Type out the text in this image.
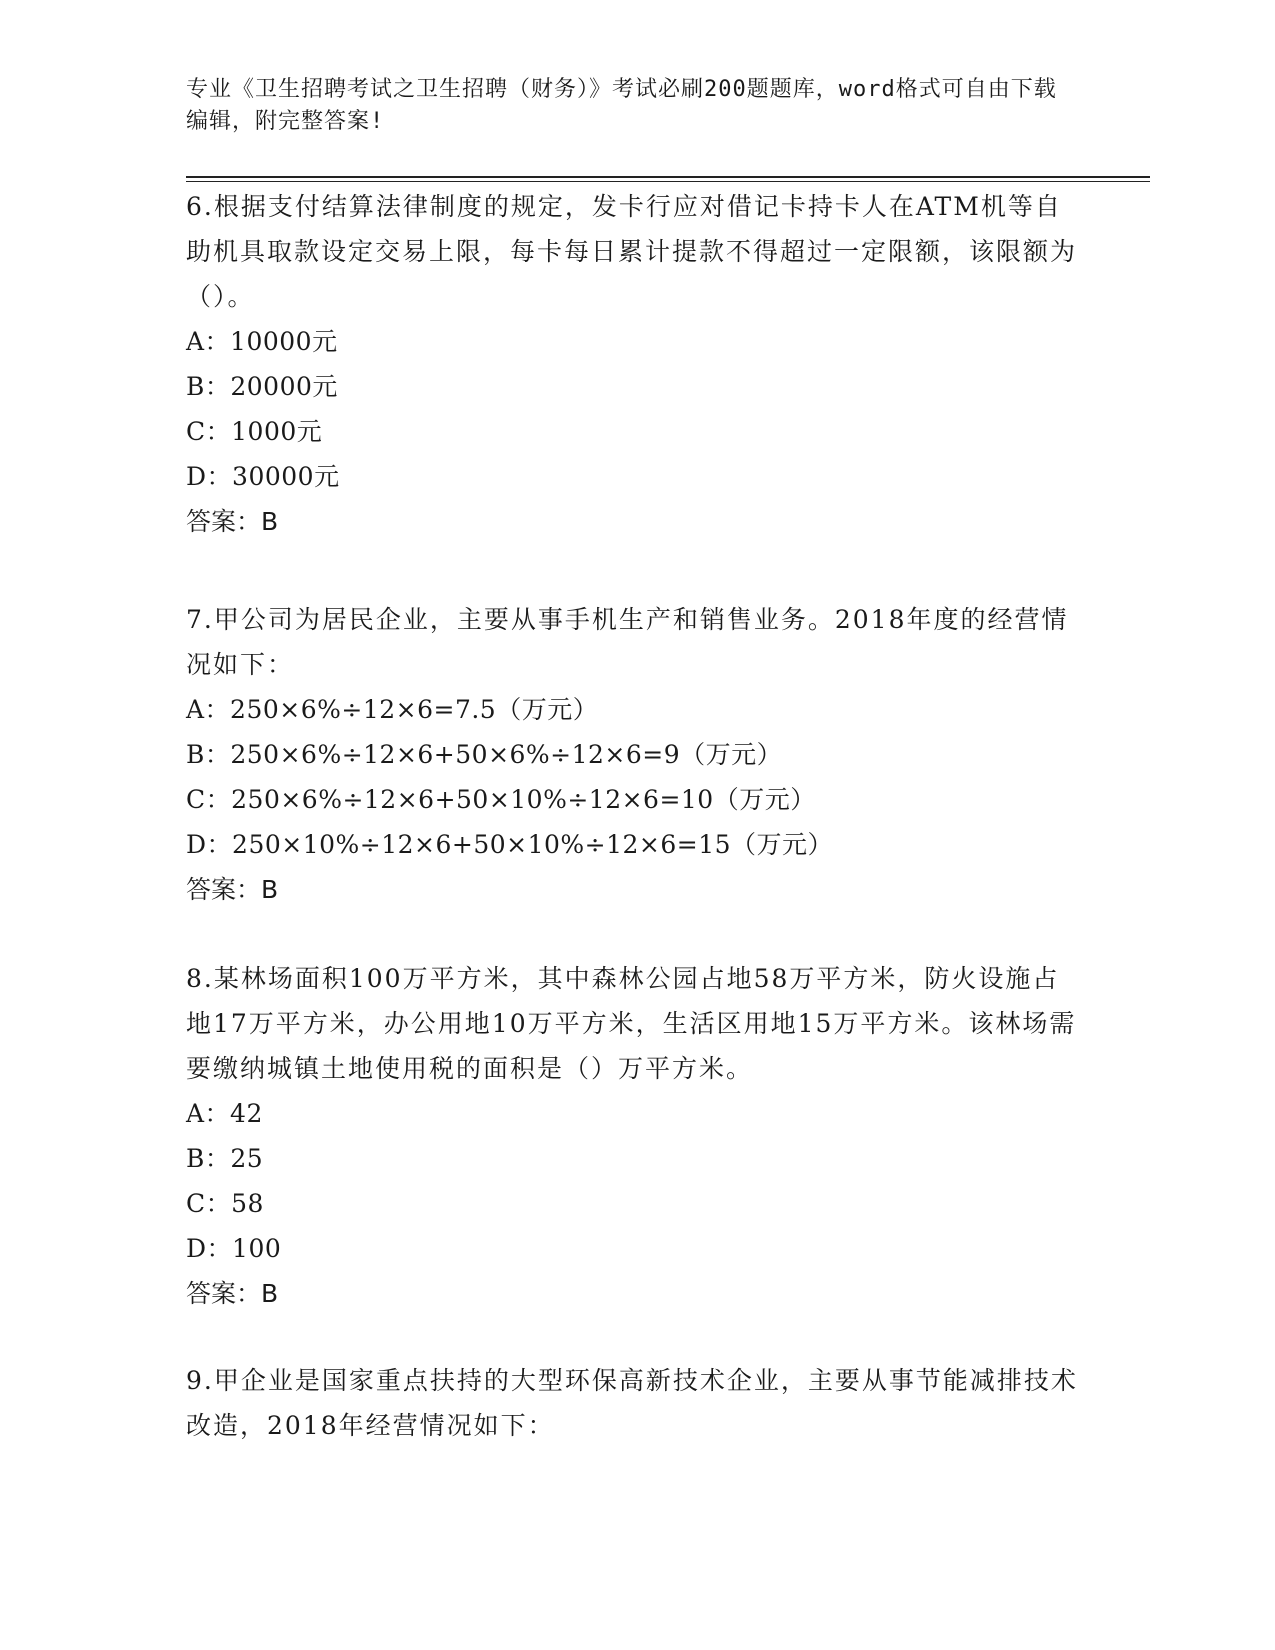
专业《卫生招聘考试之卫生招聘（财务）》考试必刷200题题库，word格式可自由下载编辑，附完整答案!

6.根据支付结算法律制度的规定，发卡行应对借记卡持卡人在ATM机等自助机具取款设定交易上限，每卡每日累计提款不得超过一定限额，该限额为（）。

A：10000元

B：20000元

C：1000元

D：30000元

答案：B

7.甲公司为居民企业，主要从事手机生产和销售业务。2018年度的经营情况如下：

A：250×6%÷12×6=7.5（万元）

B：250×6%÷12×6+50×6%÷12×6=9（万元）

C：250×6%÷12×6+50×10%÷12×6=10（万元）

D：250×10%÷12×6+50×10%÷12×6=15（万元）

答案：B

8.某林场面积100万平方米，其中森林公园占地58万平方米，防火设施占地17万平方米，办公用地10万平方米，生活区用地15万平方米。该林场需要缴纳城镇土地使用税的面积是（）万平方米。

A：42

B：25

C：58

D：100

答案：B

9.甲企业是国家重点扶持的大型环保高新技术企业，主要从事节能减排技术改造，2018年经营情况如下：
